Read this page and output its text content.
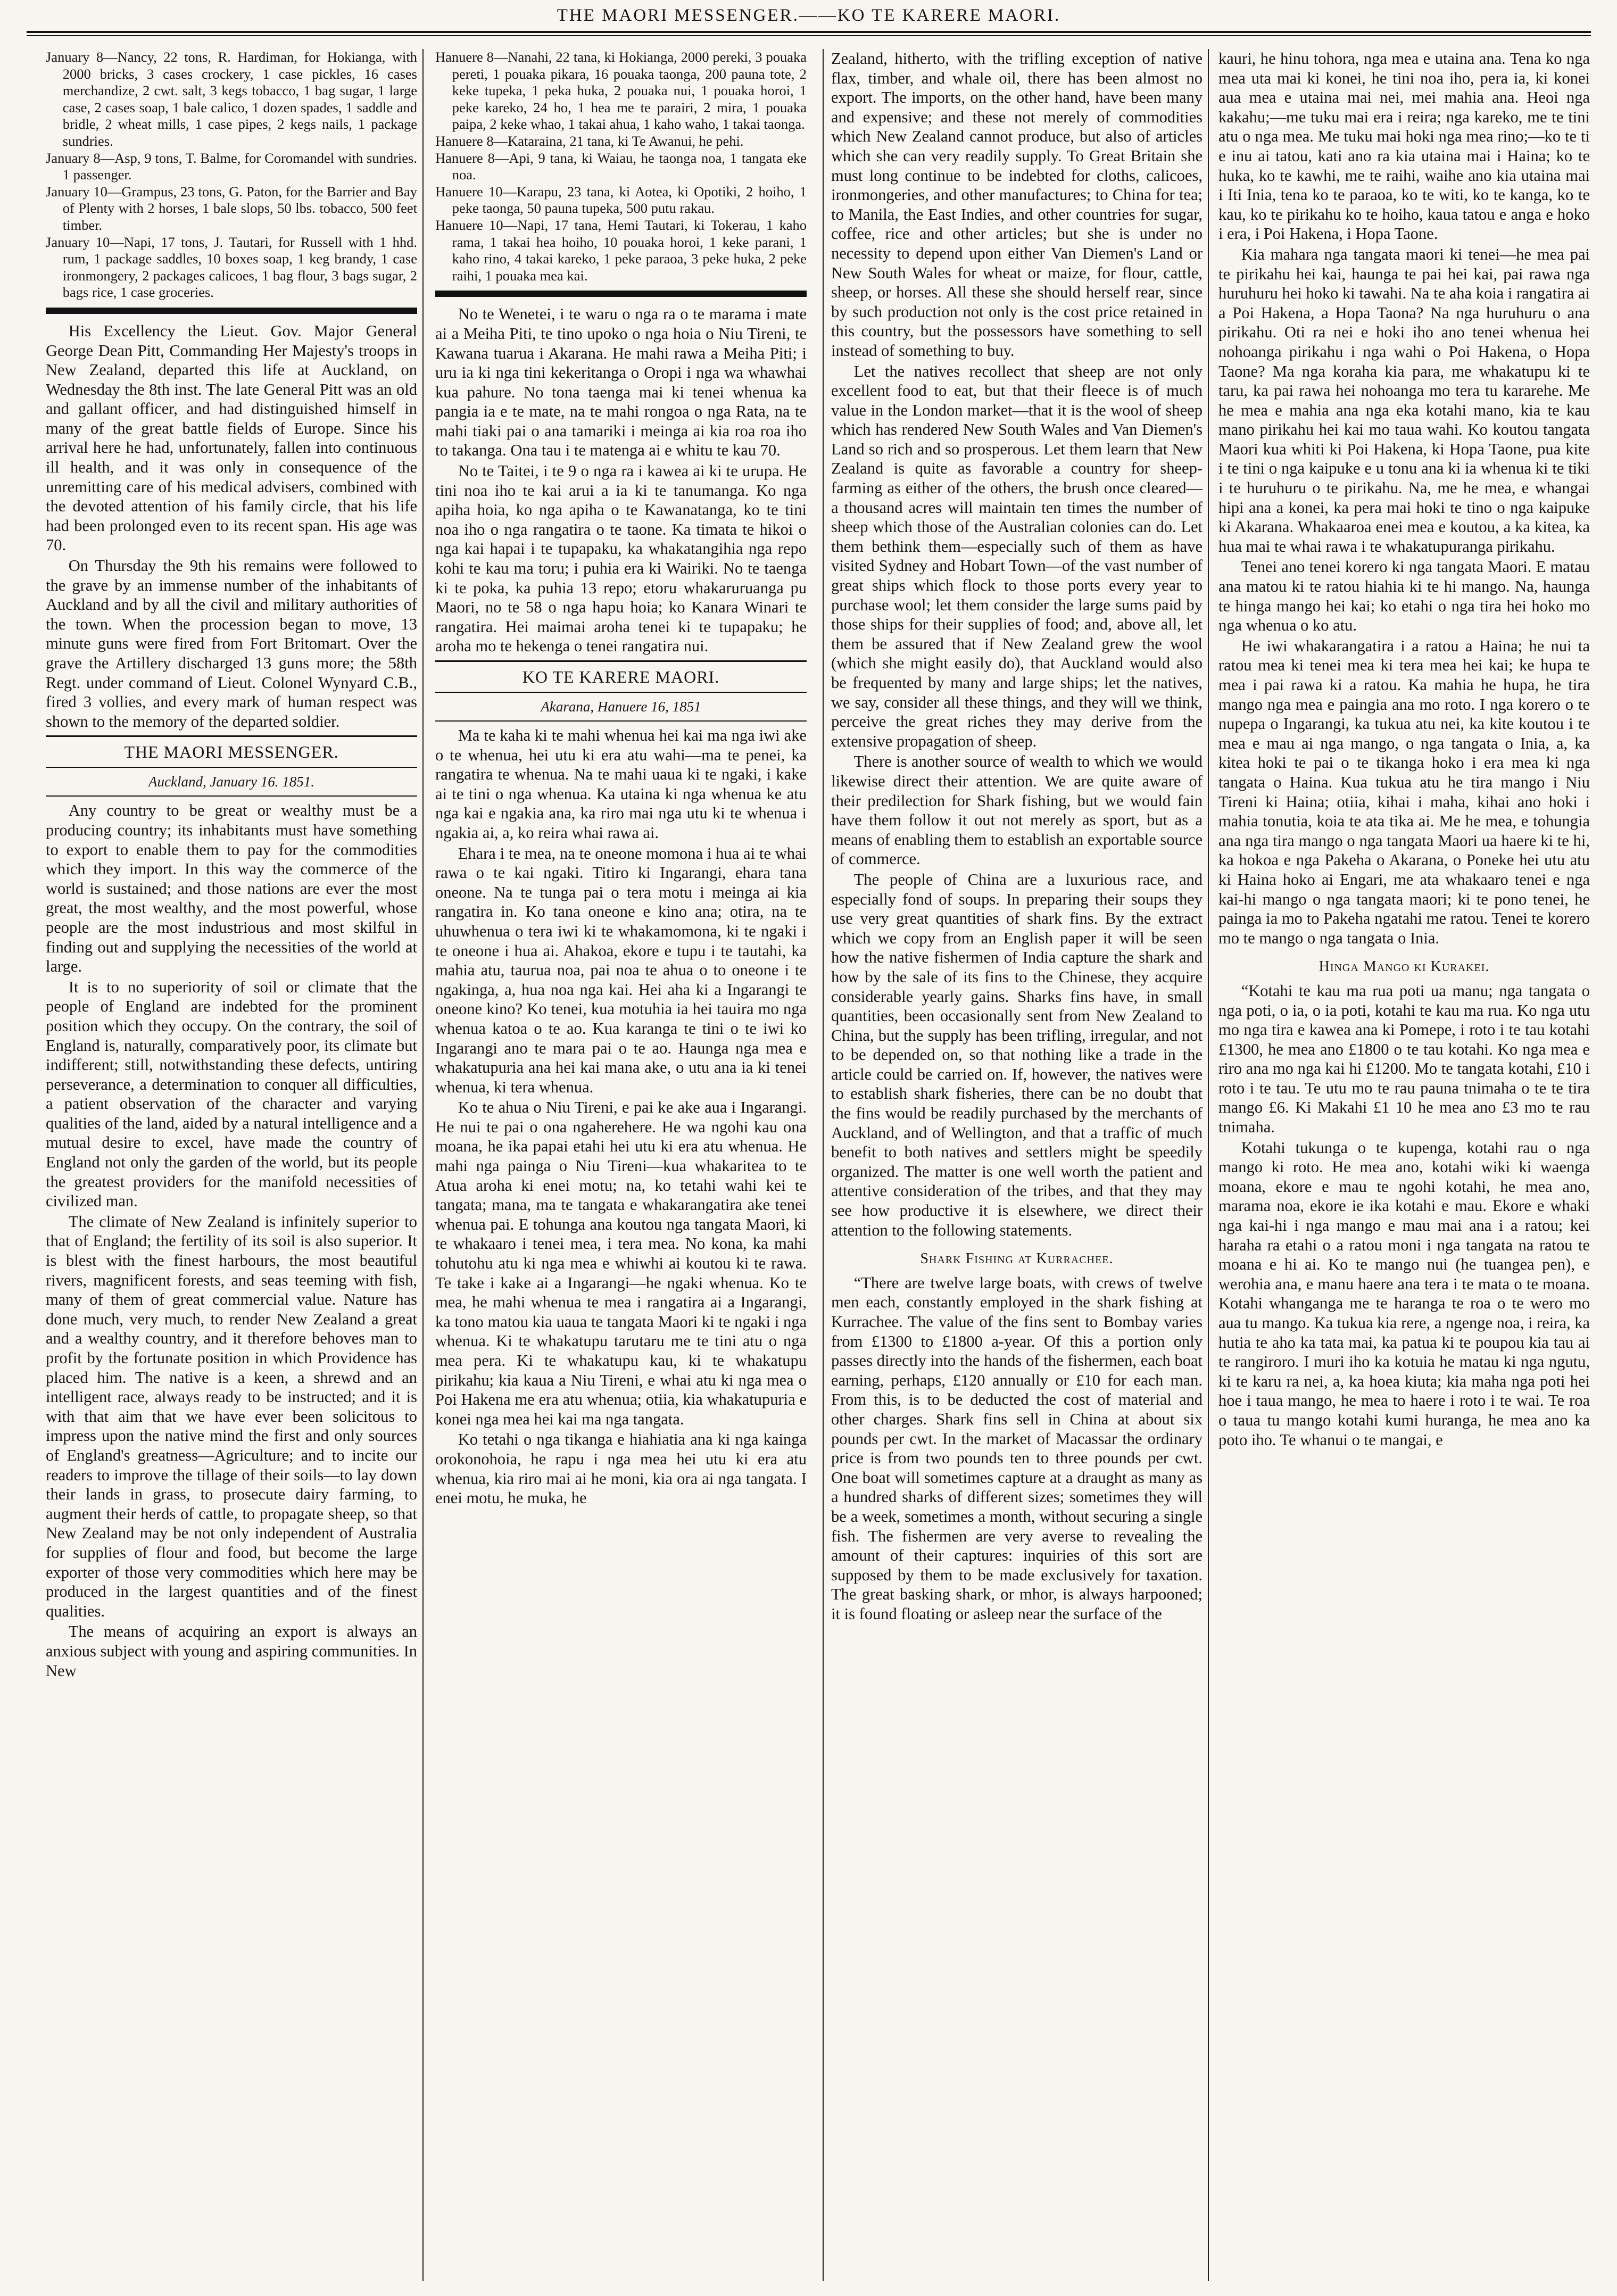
THE MAORI MESSENGER.——KO TE KARERE MAORI.

January 8—Nancy, 22 tons, R. Hardiman, for Hokianga, with 2000 bricks, 3 cases crockery, 1 case pickles, 16 cases merchandize, 2 cwt. salt, 3 kegs tobacco, 1 bag sugar, 1 large case, 2 cases soap, 1 bale calico, 1 dozen spades, 1 saddle and bridle, 2 wheat mills, 1 case pipes, 2 kegs nails, 1 package sundries.

January 8—Asp, 9 tons, T. Balme, for Coromandel with sundries. 1 passenger.

January 10—Grampus, 23 tons, G. Paton, for the Barrier and Bay of Plenty with 2 horses, 1 bale slops, 50 lbs. tobacco, 500 feet timber.

January 10—Napi, 17 tons, J. Tautari, for Russell with 1 hhd. rum, 1 package saddles, 10 boxes soap, 1 keg brandy, 1 case ironmongery, 2 packages calicoes, 1 bag flour, 3 bags sugar, 2 bags rice, 1 case groceries.

His Excellency the Lieut. Gov. Major General George Dean Pitt, Commanding Her Majesty's troops in New Zealand, departed this life at Auckland, on Wednesday the 8th inst. The late General Pitt was an old and gallant officer, and had distinguished himself in many of the great battle fields of Europe. Since his arrival here he had, unfortunately, fallen into continuous ill health, and it was only in consequence of the unremitting care of his medical advisers, combined with the devoted attention of his family circle, that his life had been prolonged even to its recent span. His age was 70.

On Thursday the 9th his remains were followed to the grave by an immense number of the inhabitants of Auckland and by all the civil and military authorities of the town. When the procession began to move, 13 minute guns were fired from Fort Britomart. Over the grave the Artillery discharged 13 guns more; the 58th Regt. under command of Lieut. Colonel Wynyard C.B., fired 3 vollies, and every mark of human respect was shown to the memory of the departed soldier.

THE MAORI MESSENGER.
Auckland, January 16. 1851.

Any country to be great or wealthy must be a producing country; its inhabitants must have something to export to enable them to pay for the commodities which they import. In this way the commerce of the world is sustained; and those nations are ever the most great, the most wealthy, and the most powerful, whose people are the most industrious and most skilful in finding out and supplying the necessities of the world at large.

It is to no superiority of soil or climate that the people of England are indebted for the prominent position which they occupy. On the contrary, the soil of England is, naturally, comparatively poor, its climate but indifferent; still, notwithstanding these defects, untiring perseverance, a determination to conquer all difficulties, a patient observation of the character and varying qualities of the land, aided by a natural intelligence and a mutual desire to excel, have made the country of England not only the garden of the world, but its people the greatest providers for the manifold necessities of civilized man.

The climate of New Zealand is infinitely superior to that of England; the fertility of its soil is also superior. It is blest with the finest harbours, the most beautiful rivers, magnificent forests, and seas teeming with fish, many of them of great commercial value. Nature has done much, very much, to render New Zealand a great and a wealthy country, and it therefore behoves man to profit by the fortunate position in which Providence has placed him. The native is a keen, a shrewd and an intelligent race, always ready to be instructed; and it is with that aim that we have ever been solicitous to impress upon the native mind the first and only sources of England's greatness—Agriculture; and to incite our readers to improve the tillage of their soils—to lay down their lands in grass, to prosecute dairy farming, to augment their herds of cattle, to propagate sheep, so that New Zealand may be not only independent of Australia for supplies of flour and food, but become the large exporter of those very commodities which here may be produced in the largest quantities and of the finest qualities.

The means of acquiring an export is always an anxious subject with young and aspiring communities. In New

Hanuere 8—Nanahi, 22 tana, ki Hokianga, 2000 pereki, 3 pouaka pereti, 1 pouaka pikara, 16 pouaka taonga, 200 pauna tote, 2 keke tupeka, 1 peka huka, 2 pouaka nui, 1 pouaka horoi, 1 peke kareko, 24 ho, 1 hea me te parairi, 2 mira, 1 pouaka paipa, 2 keke whao, 1 takai ahua, 1 kaho waho, 1 takai taonga.

Hanuere 8—Kataraina, 21 tana, ki Te Awanui, he pehi.

Hanuere 8—Api, 9 tana, ki Waiau, he taonga noa, 1 tangata eke noa.

Hanuere 10—Karapu, 23 tana, ki Aotea, ki Opotiki, 2 hoiho, 1 peke taonga, 50 pauna tupeka, 500 putu rakau.

Hanuere 10—Napi, 17 tana, Hemi Tautari, ki Tokerau, 1 kaho rama, 1 takai hea hoiho, 10 pouaka horoi, 1 keke parani, 1 kaho rino, 4 takai kareko, 1 peke paraoa, 3 peke huka, 2 peke raihi, 1 pouaka mea kai.

No te Wenetei, i te waru o nga ra o te marama i mate ai a Meiha Piti, te tino upoko o nga hoia o Niu Tireni, te Kawana tuarua i Akarana. He mahi rawa a Meiha Piti; i uru ia ki nga tini kekeritanga o Oropi i nga wa whawhai kua pahure. No tona taenga mai ki tenei whenua ka pangia ia e te mate, na te mahi rongoa o nga Rata, na te mahi tiaki pai o ana tamariki i meinga ai kia roa roa iho to takanga. Ona tau i te matenga ai e whitu te kau 70.

No te Taitei, i te 9 o nga ra i kawea ai ki te urupa. He tini noa iho te kai arui a ia ki te tanumanga. Ko nga apiha hoia, ko nga apiha o te Kawanatanga, ko te tini noa iho o nga rangatira o te taone. Ka timata te hikoi o nga kai hapai i te tupapaku, ka whakatangihia nga repo kohi te kau ma toru; i puhia era ki Wairiki. No te taenga ki te poka, ka puhia 13 repo; etoru whakaruruanga pu Maori, no te 58 o nga hapu hoia; ko Kanara Winari te rangatira. Hei maimai aroha tenei ki te tupapaku; he aroha mo te hekenga o tenei rangatira nui.

KO TE KARERE MAORI.
Akarana, Hanuere 16, 1851

Ma te kaha ki te mahi whenua hei kai ma nga iwi ake o te whenua, hei utu ki era atu wahi—ma te penei, ka rangatira te whenua. Na te mahi uaua ki te ngaki, i kake ai te tini o nga whenua. Ka utaina ki nga whenua ke atu nga kai e ngakia ana, ka riro mai nga utu ki te whenua i ngakia ai, a, ko reira whai rawa ai.

Ehara i te mea, na te oneone momona i hua ai te whai rawa o te kai ngaki. Titiro ki Ingarangi, ehara tana oneone. Na te tunga pai o tera motu i meinga ai kia rangatira in. Ko tana oneone e kino ana; otira, na te uhuwhenua o tera iwi ki te whakamomona, ki te ngaki i te oneone i hua ai. Ahakoa, ekore e tupu i te tautahi, ka mahia atu, taurua noa, pai noa te ahua o to oneone i te ngakinga, a, hua noa nga kai. Hei aha ki a Ingarangi te oneone kino? Ko tenei, kua motuhia ia hei tauira mo nga whenua katoa o te ao. Kua karanga te tini o te iwi ko Ingarangi ano te mara pai o te ao. Haunga nga mea e whakatupuria ana hei kai mana ake, o utu ana ia ki tenei whenua, ki tera whenua.

Ko te ahua o Niu Tireni, e pai ke ake aua i Ingarangi. He nui te pai o ona ngaherehere. He wa ngohi kau ona moana, he ika papai etahi hei utu ki era atu whenua. He mahi nga painga o Niu Tireni—kua whakaritea to te Atua aroha ki enei motu; na, ko tetahi wahi kei te tangata; mana, ma te tangata e whakarangatira ake tenei whenua pai. E tohunga ana koutou nga tangata Maori, ki te whakaaro i tenei mea, i tera mea. No kona, ka mahi tohutohu atu ki nga mea e whiwhi ai koutou ki te rawa. Te take i kake ai a Ingarangi—he ngaki whenua. Ko te mea, he mahi whenua te mea i rangatira ai a Ingarangi, ka tono matou kia uaua te tangata Maori ki te ngaki i nga whenua. Ki te whakatupu tarutaru me te tini atu o nga mea pera. Ki te whakatupu kau, ki te whakatupu pirikahu; kia kaua a Niu Tireni, e whai atu ki nga mea o Poi Hakena me era atu whenua; otiia, kia whakatupuria e konei nga mea hei kai ma nga tangata.

Ko tetahi o nga tikanga e hiahiatia ana ki nga kainga orokonohoia, he rapu i nga mea hei utu ki era atu whenua, kia riro mai ai he moni, kia ora ai nga tangata. I enei motu, he muka, he

Zealand, hitherto, with the trifling exception of native flax, timber, and whale oil, there has been almost no export. The imports, on the other hand, have been many and expensive; and these not merely of commodities which New Zealand cannot produce, but also of articles which she can very readily supply. To Great Britain she must long continue to be indebted for cloths, calicoes, ironmongeries, and other manufactures; to China for tea; to Manila, the East Indies, and other countries for sugar, coffee, rice and other articles; but she is under no necessity to depend upon either Van Diemen's Land or New South Wales for wheat or maize, for flour, cattle, sheep, or horses. All these she should herself rear, since by such production not only is the cost price retained in this country, but the possessors have something to sell instead of something to buy.

Let the natives recollect that sheep are not only excellent food to eat, but that their fleece is of much value in the London market—that it is the wool of sheep which has rendered New South Wales and Van Diemen's Land so rich and so prosperous. Let them learn that New Zealand is quite as favorable a country for sheep-farming as either of the others, the brush once cleared—a thousand acres will maintain ten times the number of sheep which those of the Australian colonies can do. Let them bethink them—especially such of them as have visited Sydney and Hobart Town—of the vast number of great ships which flock to those ports every year to purchase wool; let them consider the large sums paid by those ships for their supplies of food; and, above all, let them be assured that if New Zealand grew the wool (which she might easily do), that Auckland would also be frequented by many and large ships; let the natives, we say, consider all these things, and they will we think, perceive the great riches they may derive from the extensive propagation of sheep.

There is another source of wealth to which we would likewise direct their attention. We are quite aware of their predilection for Shark fishing, but we would fain have them follow it out not merely as sport, but as a means of enabling them to establish an exportable source of commerce.

The people of China are a luxurious race, and especially fond of soups. In preparing their soups they use very great quantities of shark fins. By the extract which we copy from an English paper it will be seen how the native fishermen of India capture the shark and how by the sale of its fins to the Chinese, they acquire considerable yearly gains. Sharks fins have, in small quantities, been occasionally sent from New Zealand to China, but the supply has been trifling, irregular, and not to be depended on, so that nothing like a trade in the article could be carried on. If, however, the natives were to establish shark fisheries, there can be no doubt that the fins would be readily purchased by the merchants of Auckland, and of Wellington, and that a traffic of much benefit to both natives and settlers might be speedily organized. The matter is one well worth the patient and attentive consideration of the tribes, and that they may see how productive it is elsewhere, we direct their attention to the following statements.

Shark Fishing at Kurrachee.

“There are twelve large boats, with crews of twelve men each, constantly employed in the shark fishing at Kurrachee. The value of the fins sent to Bombay varies from £1300 to £1800 a-year. Of this a portion only passes directly into the hands of the fishermen, each boat earning, perhaps, £120 annually or £10 for each man. From this, is to be deducted the cost of material and other charges. Shark fins sell in China at about six pounds per cwt. In the market of Macassar the ordinary price is from two pounds ten to three pounds per cwt. One boat will sometimes capture at a draught as many as a hundred sharks of different sizes; sometimes they will be a week, sometimes a month, without securing a single fish. The fishermen are very averse to revealing the amount of their captures: inquiries of this sort are supposed by them to be made exclusively for taxation. The great basking shark, or mhor, is always harpooned; it is found floating or asleep near the surface of the

kauri, he hinu tohora, nga mea e utaina ana. Tena ko nga mea uta mai ki konei, he tini noa iho, pera ia, ki konei aua mea e utaina mai nei, mei mahia ana. Heoi nga kakahu;—me tuku mai era i reira; nga kareko, me te tini atu o nga mea. Me tuku mai hoki nga mea rino;—ko te ti e inu ai tatou, kati ano ra kia utaina mai i Haina; ko te huka, ko te kawhi, me te raihi, waihe ano kia utaina mai i Iti Inia, tena ko te paraoa, ko te witi, ko te kanga, ko te kau, ko te pirikahu ko te hoiho, kaua tatou e anga e hoko i era, i Poi Hakena, i Hopa Taone.

Kia mahara nga tangata maori ki tenei—he mea pai te pirikahu hei kai, haunga te pai hei kai, pai rawa nga huruhuru hei hoko ki tawahi. Na te aha koia i rangatira ai a Poi Hakena, a Hopa Taona? Na nga huruhuru o ana pirikahu. Oti ra nei e hoki iho ano tenei whenua hei nohoanga pirikahu i nga wahi o Poi Hakena, o Hopa Taone? Ma nga koraha kia para, me whakatupu ki te taru, ka pai rawa hei nohoanga mo tera tu kararehe. Me he mea e mahia ana nga eka kotahi mano, kia te kau mano pirikahu hei kai mo taua wahi. Ko koutou tangata Maori kua whiti ki Poi Hakena, ki Hopa Taone, pua kite i te tini o nga kaipuke e u tonu ana ki ia whenua ki te tiki i te huruhuru o te pirikahu. Na, me he mea, e whangai hipi ana a konei, ka pera mai hoki te tino o nga kaipuke ki Akarana. Whakaaroa enei mea e koutou, a ka kitea, ka hua mai te whai rawa i te whakatupuranga pirikahu.

Tenei ano tenei korero ki nga tangata Maori. E matau ana matou ki te ratou hiahia ki te hi mango. Na, haunga te hinga mango hei kai; ko etahi o nga tira hei hoko mo nga whenua o ko atu.

He iwi whakarangatira i a ratou a Haina; he nui ta ratou mea ki tenei mea ki tera mea hei kai; ke hupa te mea i pai rawa ki a ratou. Ka mahia he hupa, he tira mango nga mea e paingia ana mo roto. I nga korero o te nupepa o Ingarangi, ka tukua atu nei, ka kite koutou i te mea e mau ai nga mango, o nga tangata o Inia, a, ka kitea hoki te pai o te tikanga hoko i era mea ki nga tangata o Haina. Kua tukua atu he tira mango i Niu Tireni ki Haina; otiia, kihai i maha, kihai ano hoki i mahia tonutia, koia te ata tika ai. Me he mea, e tohungia ana nga tira mango o nga tangata Maori ua haere ki te hi, ka hokoa e nga Pakeha o Akarana, o Poneke hei utu atu ki Haina hoko ai Engari, me ata whakaaro tenei e nga kai-hi mango o nga tangata maori; ki te pono tenei, he painga ia mo to Pakeha ngatahi me ratou. Tenei te korero mo te mango o nga tangata o Inia.

Hinga Mango ki Kurakei.

“Kotahi te kau ma rua poti ua manu; nga tangata o nga poti, o ia, o ia poti, kotahi te kau ma rua. Ko nga utu mo nga tira e kawea ana ki Pomepe, i roto i te tau kotahi £1300, he mea ano £1800 o te tau kotahi. Ko nga mea e riro ana mo nga kai hi £1200. Mo te tangata kotahi, £10 i roto i te tau. Te utu mo te rau pauna tnimaha o te te tira mango £6. Ki Makahi £1 10 he mea ano £3 mo te rau tnimaha.

Kotahi tukunga o te kupenga, kotahi rau o nga mango ki roto. He mea ano, kotahi wiki ki waenga moana, ekore e mau te ngohi kotahi, he mea ano, marama noa, ekore ie ika kotahi e mau. Ekore e whaki nga kai-hi i nga mango e mau mai ana i a ratou; kei haraha ra etahi o a ratou moni i nga tangata na ratou te moana e hi ai. Ko te mango nui (he tuangea pen), e werohia ana, e manu haere ana tera i te mata o te moana. Kotahi whanganga me te haranga te roa o te wero mo aua tu mango. Ka tukua kia rere, a ngenge noa, i reira, ka hutia te aho ka tata mai, ka patua ki te poupou kia tau ai te rangiroro. I muri iho ka kotuia he matau ki nga ngutu, ki te karu ra nei, a, ka hoea kiuta; kia maha nga poti hei hoe i taua mango, he mea to haere i roto i te wai. Te roa o taua tu mango kotahi kumi huranga, he mea ano ka poto iho. Te whanui o te mangai, e
